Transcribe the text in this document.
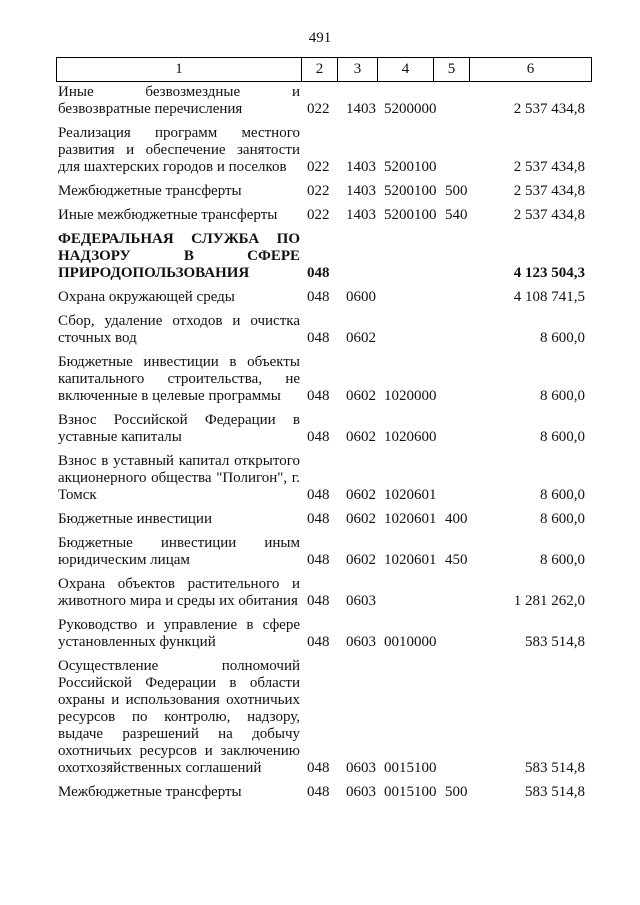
491
1	2	3	4	5	6
Иные безвозмездные и безвозвратные перечисления	022 1403 5200000	2 537 434,8
Реализация программ местного развития и обеспечение занятости для шахтерских городов и поселков	022 1403 5200100	2 537 434,8
Межбюджетные трансферты	022 1403 5200100 500	2 537 434,8
Иные межбюджетные трансферты	022 1403 5200100 540	2 537 434,8
ФЕДЕРАЛЬНАЯ СЛУЖБА ПО НАДЗОРУ В СФЕРЕ ПРИРОДОПОЛЬЗОВАНИЯ	048	4 123 504,3
Охрана окружающей среды	048 0600	4 108 741,5
Сбор, удаление отходов и очистка сточных вод	048 0602	8 600,0
Бюджетные инвестиции в объекты капитального строительства, не включенные в целевые программы	048 0602 1020000	8 600,0
Взнос Российской Федерации в уставные капиталы	048 0602 1020600	8 600,0
Взнос в уставный капитал открытого акционерного общества "Полигон", г. Томск	048 0602 1020601	8 600,0
Бюджетные инвестиции	048 0602 1020601 400	8 600,0
Бюджетные инвестиции иным юридическим лицам	048 0602 1020601 450	8 600,0
Охрана объектов растительного и животного мира и среды их обитания 048 0603	1 281 262,0
Руководство и управление в сфере установленных функций	048 0603 0010000	583 514,8
Осуществление полномочий Российской Федерации в области охраны и использования охотничьих ресурсов по контролю, надзору, выдаче разрешений на добычу охотничьих ресурсов и заключению охотхозяйственных соглашений	048 0603 0015100	583 514,8
Межбюджетные трансферты	048 0603 0015100 500	583 514,8
